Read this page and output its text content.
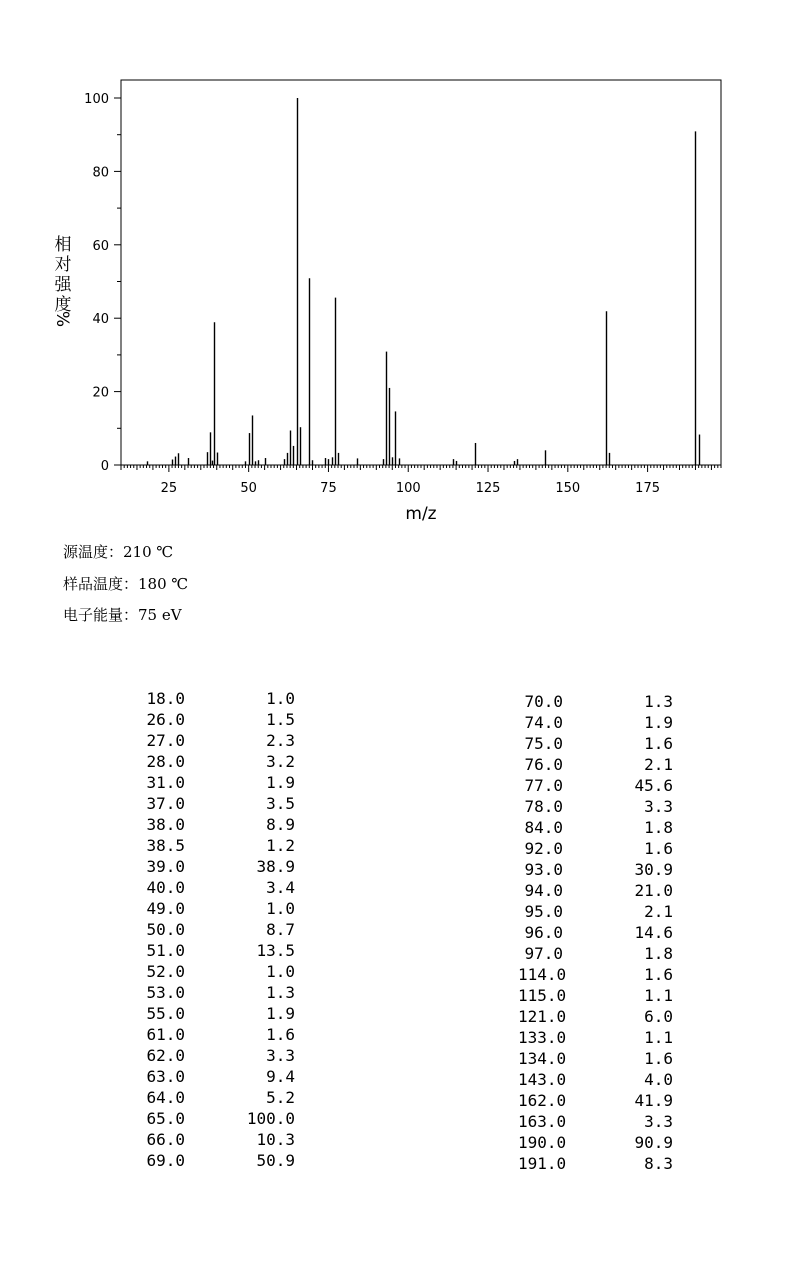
25	50	75	100	125	150	175
0
20
40
60
80
100
m/z
相
对
强
度
%
源温度：210 ℃
样品温度：180 ℃
电子能量：75 eV
18.0	1.0
26.0	1.5
27.0	2.3
28.0	3.2
31.0	1.9
37.0	3.5
38.0	8.9
38.5	1.2
39.0	38.9
40.0	3.4
49.0	1.0
50.0	8.7
51.0	13.5
52.0	1.0
53.0	1.3
55.0	1.9
61.0	1.6
62.0	3.3
63.0	9.4
64.0	5.2
65.0	100.0
66.0	10.3
69.0	50.9
70.0	1.3
74.0	1.9
75.0	1.6
76.0	2.1
77.0	45.6
78.0	3.3
84.0	1.8
92.0	1.6
93.0	30.9
94.0	21.0
95.0	2.1
96.0	14.6
97.0	1.8
114.0	1.6
115.0	1.1
121.0	6.0
133.0	1.1
134.0	1.6
143.0	4.0
162.0	41.9
163.0	3.3
190.0	90.9
191.0	8.3
